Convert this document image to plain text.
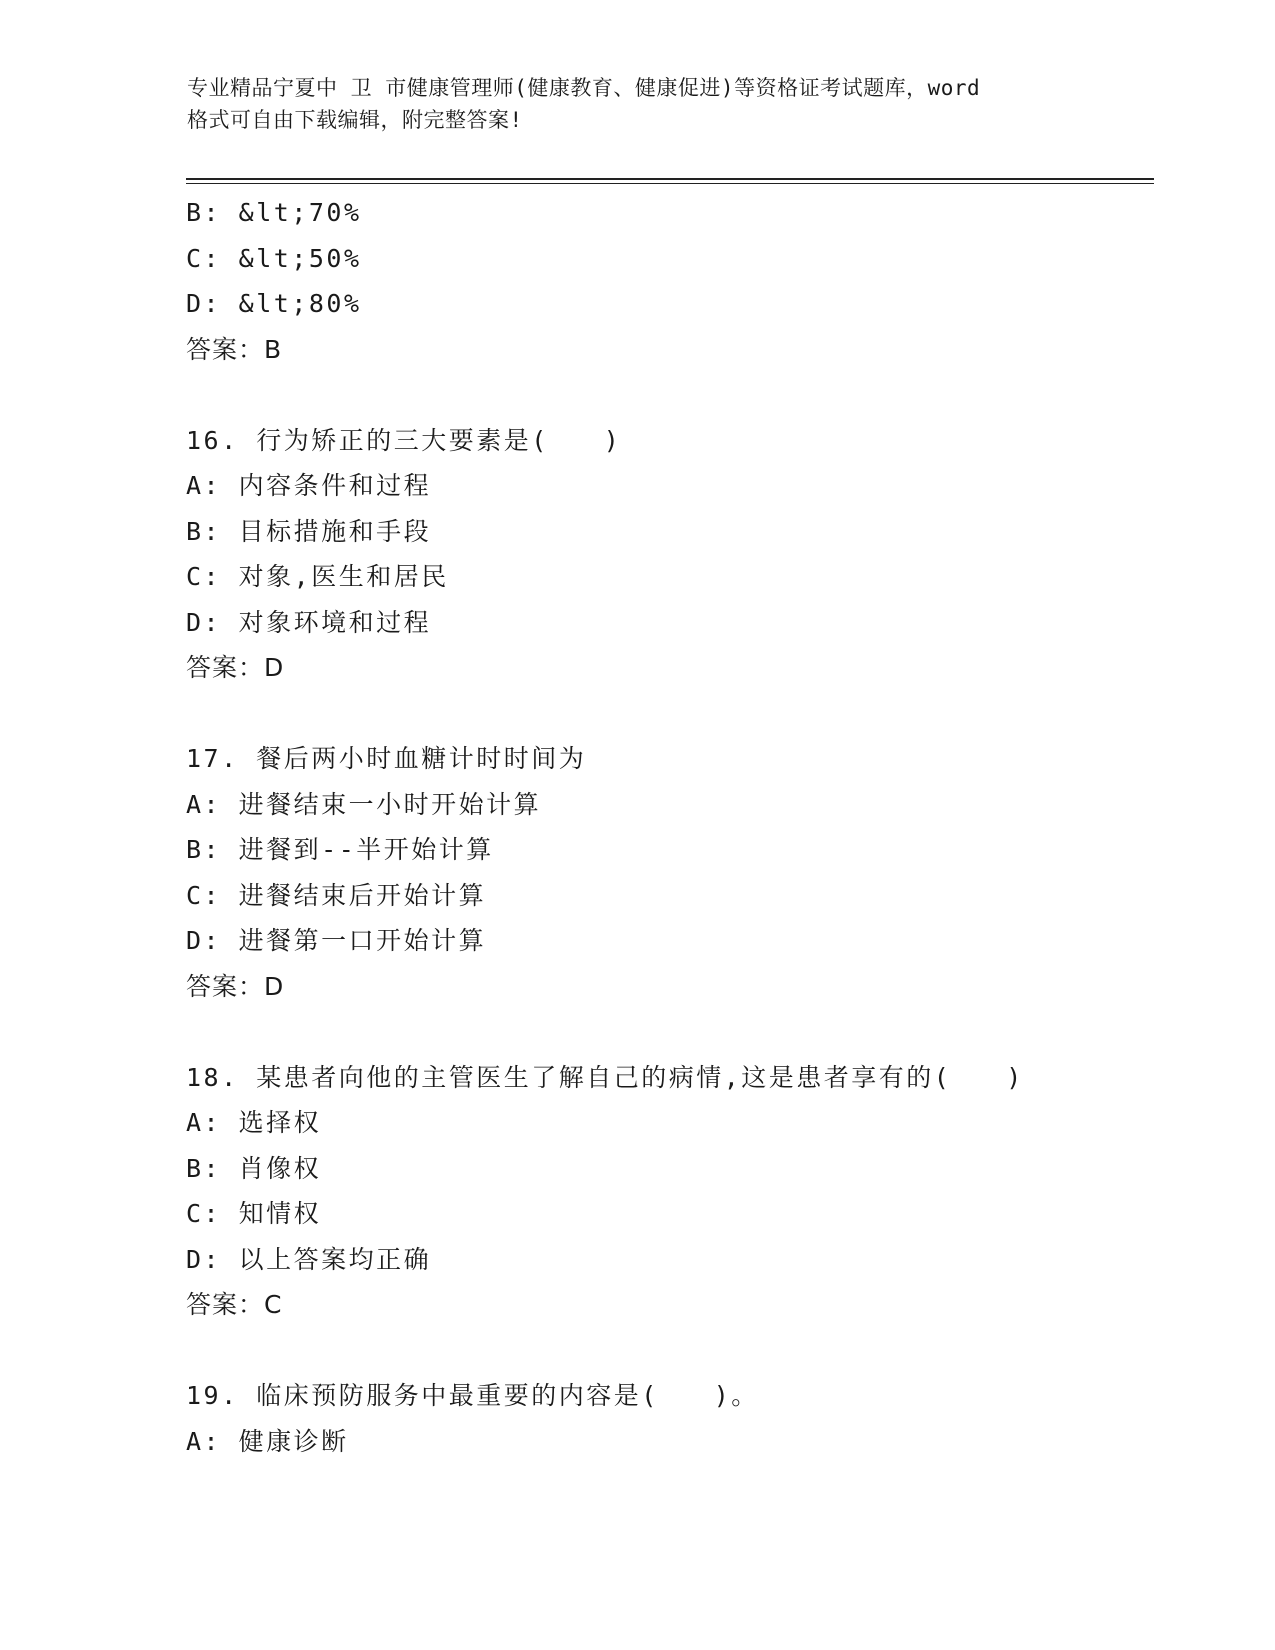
专业精品宁夏中 卫 市健康管理师(健康教育、健康促进)等资格证考试题库，word
格式可自由下载编辑，附完整答案!
B: &lt;70%
C: &lt;50%
D: &lt;80%
答案：B
16. 行为矫正的三大要素是(　　)
A: 内容条件和过程
B: 目标措施和手段
C: 对象,医生和居民
D: 对象环境和过程
答案：D
17. 餐后两小时血糖计时时间为
A: 进餐结束一小时开始计算
B: 进餐到--半开始计算
C: 进餐结束后开始计算
D: 进餐第一口开始计算
答案：D
18. 某患者向他的主管医生了解自己的病情,这是患者享有的(　　)
A: 选择权
B: 肖像权
C: 知情权
D: 以上答案均正确
答案：C
19. 临床预防服务中最重要的内容是(　　)。
A: 健康诊断
